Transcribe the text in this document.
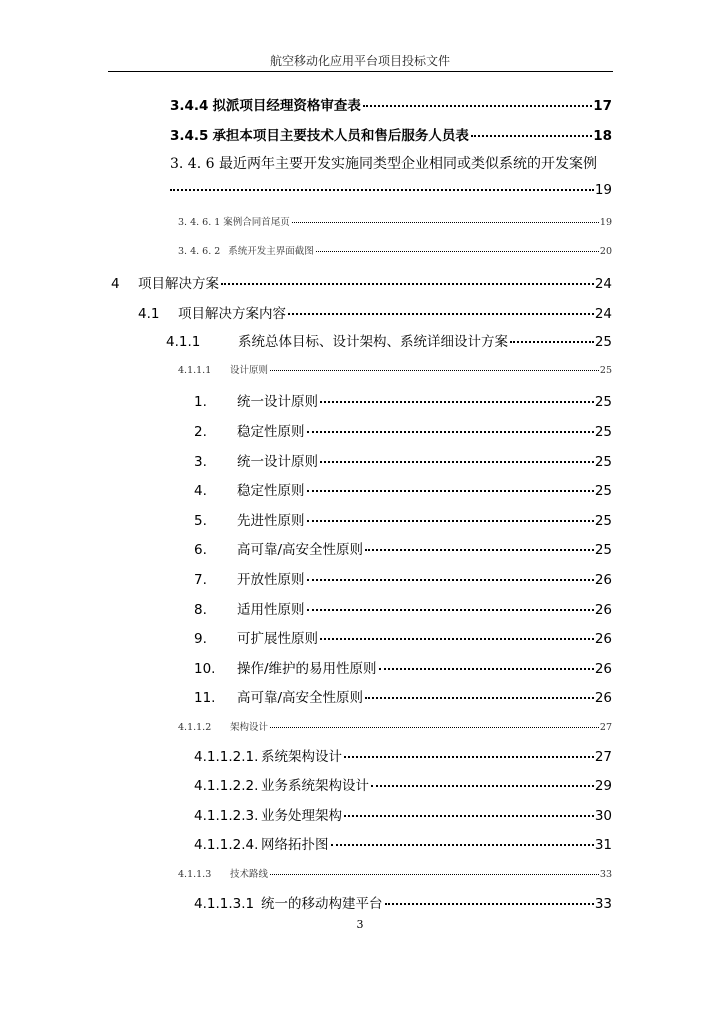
航空移动化应用平台项目投标文件
3.4.4 拟派项目经理资格审查表	17
3.4.5 承担本项目主要技术人员和售后服务人员表	18
3. 4. 6 最近两年主要开发实施同类型企业相同或类似系统的开发案例
19
3. 4. 6. 1 案例合同首尾页	19
3. 4. 6. 2 系统开发主界面截图	20
4	项目解决方案	24
4.1	项目解决方案内容	24
4.1.1	系统总体目标、设计架构、系统详细设计方案	25
4.1.1.1	设计原则	25
1.	统一设计原则	25
2.	稳定性原则	25
3.	统一设计原则	25
4.	稳定性原则	25
5.	先进性原则	25
6.	高可靠/高安全性原则	25
7.	开放性原则	26
8.	适用性原则	26
9.	可扩展性原则	26
10.	操作/维护的易用性原则	26
11.	高可靠/高安全性原则	26
4.1.1.2	架构设计	27
4.1.1.2.1. 系统架构设计	27
4.1.1.2.2. 业务系统架构设计	29
4.1.1.2.3. 业务处理架构	30
4.1.1.2.4. 网络拓扑图	31
4.1.1.3	技术路线	33
4.1.1.3.1 统一的移动构建平台	33
3
